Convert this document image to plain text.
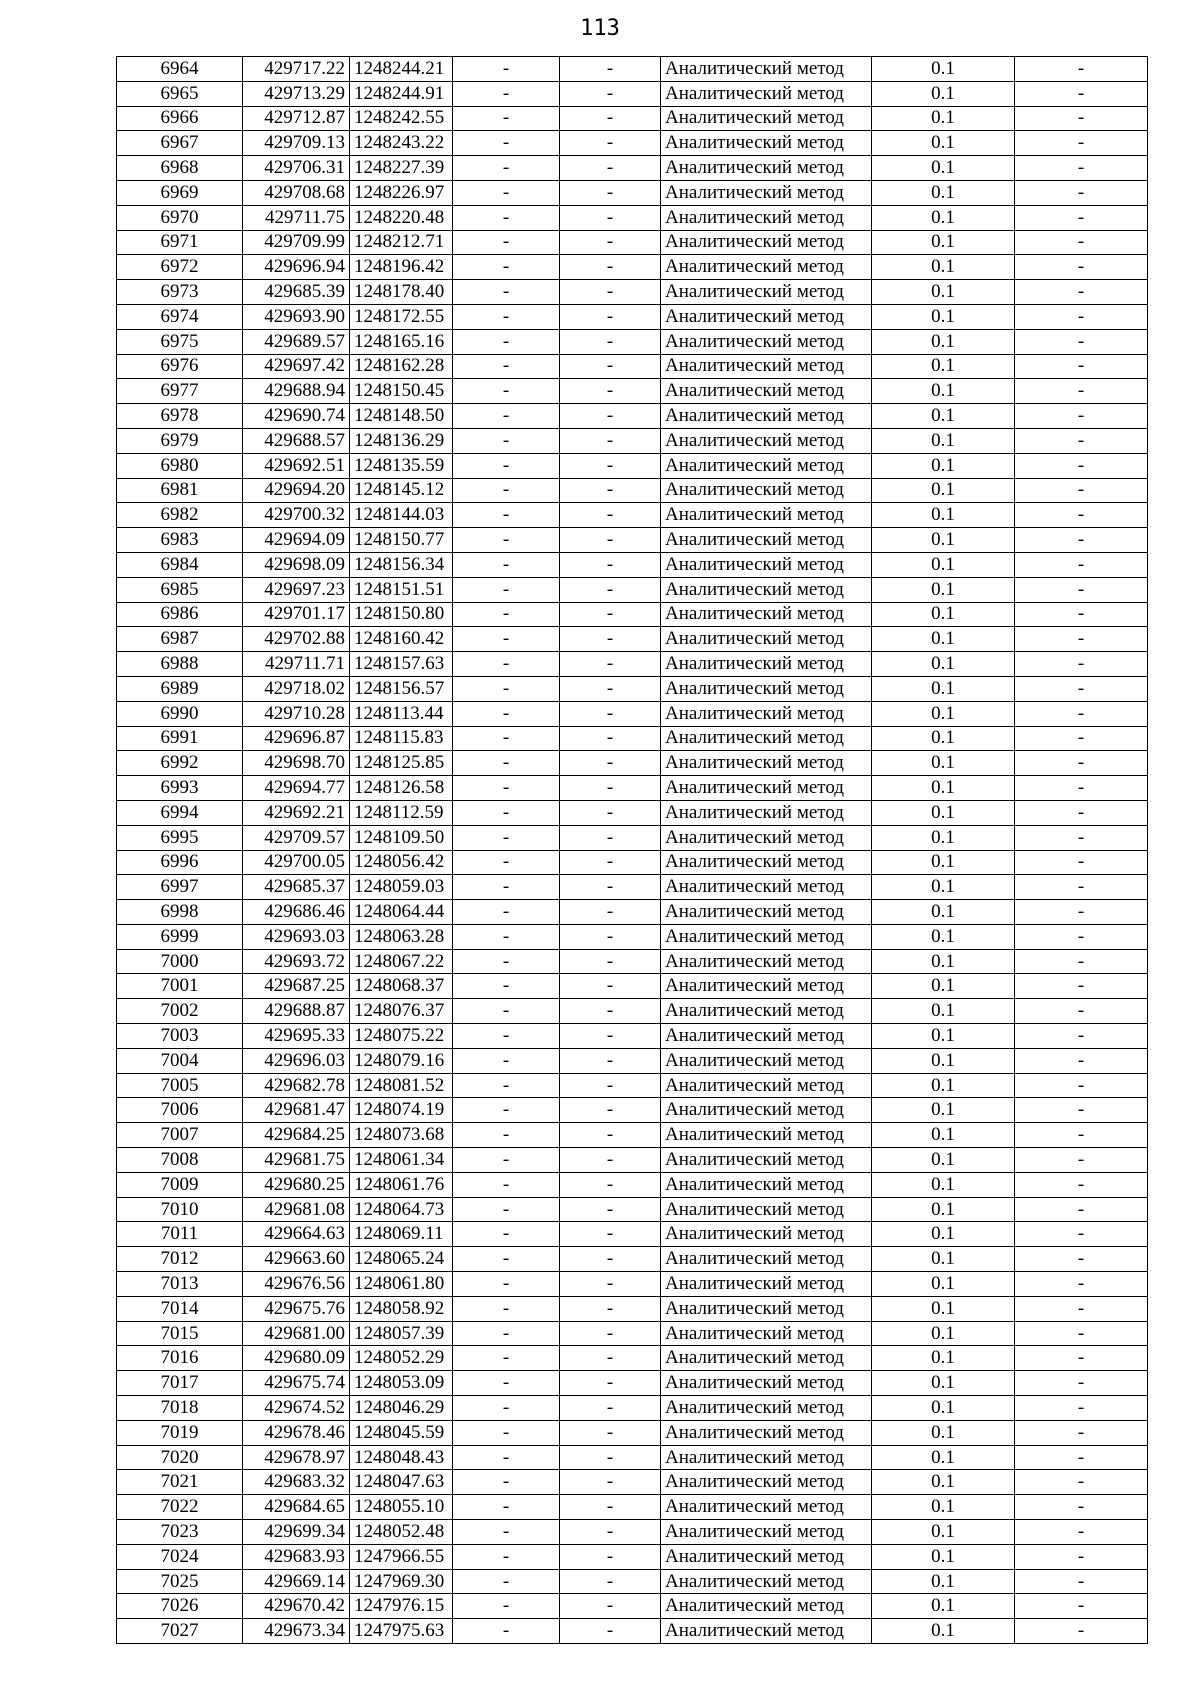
113
6964	429717.22	1248244.21	-	-	Аналитический метод	0.1	-
6965	429713.29	1248244.91	-	-	Аналитический метод	0.1	-
6966	429712.87	1248242.55	-	-	Аналитический метод	0.1	-
6967	429709.13	1248243.22	-	-	Аналитический метод	0.1	-
6968	429706.31	1248227.39	-	-	Аналитический метод	0.1	-
6969	429708.68	1248226.97	-	-	Аналитический метод	0.1	-
6970	429711.75	1248220.48	-	-	Аналитический метод	0.1	-
6971	429709.99	1248212.71	-	-	Аналитический метод	0.1	-
6972	429696.94	1248196.42	-	-	Аналитический метод	0.1	-
6973	429685.39	1248178.40	-	-	Аналитический метод	0.1	-
6974	429693.90	1248172.55	-	-	Аналитический метод	0.1	-
6975	429689.57	1248165.16	-	-	Аналитический метод	0.1	-
6976	429697.42	1248162.28	-	-	Аналитический метод	0.1	-
6977	429688.94	1248150.45	-	-	Аналитический метод	0.1	-
6978	429690.74	1248148.50	-	-	Аналитический метод	0.1	-
6979	429688.57	1248136.29	-	-	Аналитический метод	0.1	-
6980	429692.51	1248135.59	-	-	Аналитический метод	0.1	-
6981	429694.20	1248145.12	-	-	Аналитический метод	0.1	-
6982	429700.32	1248144.03	-	-	Аналитический метод	0.1	-
6983	429694.09	1248150.77	-	-	Аналитический метод	0.1	-
6984	429698.09	1248156.34	-	-	Аналитический метод	0.1	-
6985	429697.23	1248151.51	-	-	Аналитический метод	0.1	-
6986	429701.17	1248150.80	-	-	Аналитический метод	0.1	-
6987	429702.88	1248160.42	-	-	Аналитический метод	0.1	-
6988	429711.71	1248157.63	-	-	Аналитический метод	0.1	-
6989	429718.02	1248156.57	-	-	Аналитический метод	0.1	-
6990	429710.28	1248113.44	-	-	Аналитический метод	0.1	-
6991	429696.87	1248115.83	-	-	Аналитический метод	0.1	-
6992	429698.70	1248125.85	-	-	Аналитический метод	0.1	-
6993	429694.77	1248126.58	-	-	Аналитический метод	0.1	-
6994	429692.21	1248112.59	-	-	Аналитический метод	0.1	-
6995	429709.57	1248109.50	-	-	Аналитический метод	0.1	-
6996	429700.05	1248056.42	-	-	Аналитический метод	0.1	-
6997	429685.37	1248059.03	-	-	Аналитический метод	0.1	-
6998	429686.46	1248064.44	-	-	Аналитический метод	0.1	-
6999	429693.03	1248063.28	-	-	Аналитический метод	0.1	-
7000	429693.72	1248067.22	-	-	Аналитический метод	0.1	-
7001	429687.25	1248068.37	-	-	Аналитический метод	0.1	-
7002	429688.87	1248076.37	-	-	Аналитический метод	0.1	-
7003	429695.33	1248075.22	-	-	Аналитический метод	0.1	-
7004	429696.03	1248079.16	-	-	Аналитический метод	0.1	-
7005	429682.78	1248081.52	-	-	Аналитический метод	0.1	-
7006	429681.47	1248074.19	-	-	Аналитический метод	0.1	-
7007	429684.25	1248073.68	-	-	Аналитический метод	0.1	-
7008	429681.75	1248061.34	-	-	Аналитический метод	0.1	-
7009	429680.25	1248061.76	-	-	Аналитический метод	0.1	-
7010	429681.08	1248064.73	-	-	Аналитический метод	0.1	-
7011	429664.63	1248069.11	-	-	Аналитический метод	0.1	-
7012	429663.60	1248065.24	-	-	Аналитический метод	0.1	-
7013	429676.56	1248061.80	-	-	Аналитический метод	0.1	-
7014	429675.76	1248058.92	-	-	Аналитический метод	0.1	-
7015	429681.00	1248057.39	-	-	Аналитический метод	0.1	-
7016	429680.09	1248052.29	-	-	Аналитический метод	0.1	-
7017	429675.74	1248053.09	-	-	Аналитический метод	0.1	-
7018	429674.52	1248046.29	-	-	Аналитический метод	0.1	-
7019	429678.46	1248045.59	-	-	Аналитический метод	0.1	-
7020	429678.97	1248048.43	-	-	Аналитический метод	0.1	-
7021	429683.32	1248047.63	-	-	Аналитический метод	0.1	-
7022	429684.65	1248055.10	-	-	Аналитический метод	0.1	-
7023	429699.34	1248052.48	-	-	Аналитический метод	0.1	-
7024	429683.93	1247966.55	-	-	Аналитический метод	0.1	-
7025	429669.14	1247969.30	-	-	Аналитический метод	0.1	-
7026	429670.42	1247976.15	-	-	Аналитический метод	0.1	-
7027	429673.34	1247975.63	-	-	Аналитический метод	0.1	-
